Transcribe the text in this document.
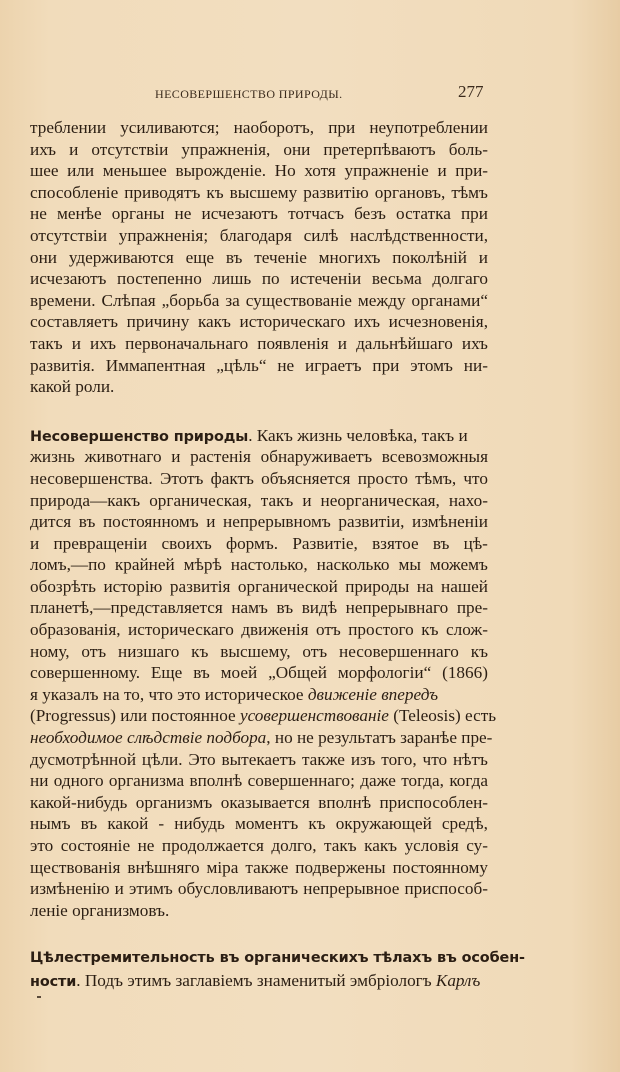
НЕСОВЕРШЕНСТВО ПРИРОДЫ.	277
треблении усиливаются; наоборотъ, при неупотреблении
ихъ и отсутствіи упражненія, они претерпѣваютъ боль-
шее или меньшее вырожденіе. Но хотя упражненіе и при-
способленіе приводятъ къ высшему развитію органовъ, тѣмъ
не менѣе органы не исчезаютъ тотчасъ безъ остатка при
отсутствіи упражненія; благодаря силѣ наслѣдственности,
они удерживаются еще въ теченіе многихъ поколѣній и
исчезаютъ постепенно лишь по истеченіи весьма долгаго
времени. Слѣпая „борьба за существованіе между органами“
составляетъ причину какъ историческаго ихъ исчезновенія,
такъ и ихъ первоначальнаго появленія и дальнѣйшаго ихъ
развитія. Иммапентная „цѣль“ не играетъ при этомъ ни-
какой роли.
Несовершенство природы . Какъ жизнь человѣка, такъ и
жизнь животнаго и растенія обнаруживаетъ всевозможныя
несовершенства. Этотъ фактъ объясняется просто тѣмъ, что
природа—какъ органическая, такъ и неорганическая, нахо-
дится въ постоянномъ и непрерывномъ развитіи, измѣненіи
и превращеніи своихъ формъ. Развитіе, взятое въ цѣ-
ломъ,—по крайней мѣрѣ настолько, насколько мы можемъ
обозрѣть исторію развитія органической природы на нашей
планетѣ,—представляется намъ въ видѣ непрерывнаго пре-
образованія, историческаго движенія отъ простого къ слож-
ному, отъ низшаго къ высшему, отъ несовершеннаго къ
совершенному. Еще въ моей „Общей морфологіи“ (1866)
я указалъ на то, что это историческое движеніе впередъ
(Progressus) или постоянное усовершенствованіе (Teleosis) есть
необходимое слѣдствіе подбора , но не результатъ заранѣе пре-
дусмотрѣнной цѣли. Это вытекаетъ также изъ того, что нѣтъ
ни одного организма вполнѣ совершеннаго; даже тогда, когда
какой-нибудь организмъ оказывается вполнѣ приспособлен-
нымъ въ какой - нибудь моментъ къ окружающей средѣ,
это состояніе не продолжается долго, такъ какъ условія су-
ществованія внѣшняго міра также подвержены постоянному
измѣненію и этимъ обусловливаютъ непрерывное приспособ-
леніе организмовъ.
Цѣлестремительность въ органическихъ тѣлахъ въ особен-
ности . Подъ этимъ заглавіемъ знаменитый эмбріологъ Карлъ
